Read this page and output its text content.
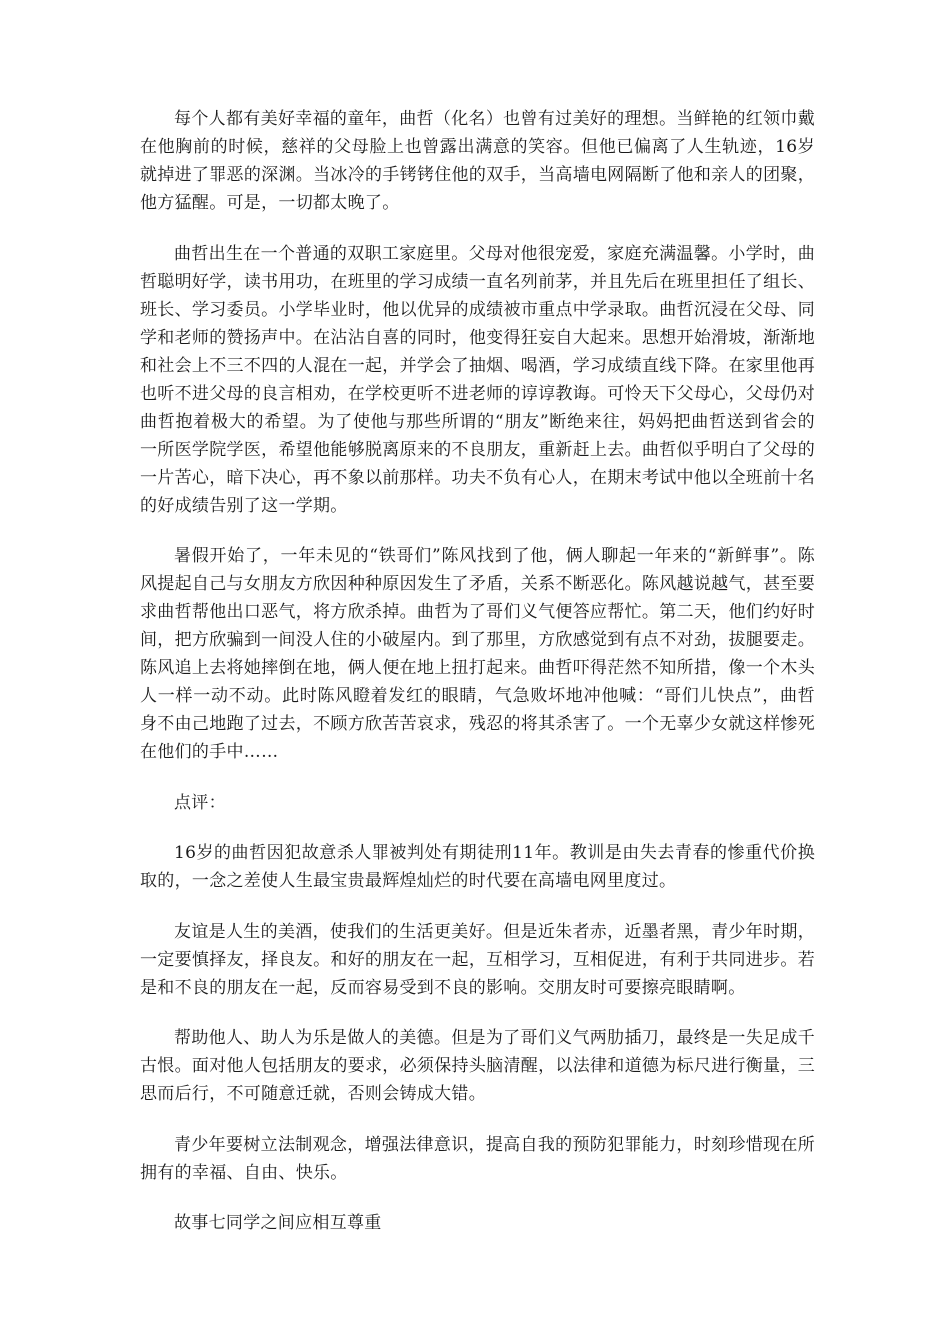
每个人都有美好幸福的童年，曲哲（化名）也曾有过美好的理想。当鲜艳的红领巾戴在他胸前的时候，慈祥的父母脸上也曾露出满意的笑容。但他已偏离了人生轨迹，16岁就掉进了罪恶的深渊。当冰冷的手铐铐住他的双手，当高墙电网隔断了他和亲人的团聚，他方猛醒。可是，一切都太晚了。

曲哲出生在一个普通的双职工家庭里。父母对他很宠爱，家庭充满温馨。小学时，曲哲聪明好学，读书用功，在班里的学习成绩一直名列前茅，并且先后在班里担任了组长、班长、学习委员。小学毕业时，他以优异的成绩被市重点中学录取。曲哲沉浸在父母、同学和老师的赞扬声中。在沾沾自喜的同时，他变得狂妄自大起来。思想开始滑坡，渐渐地和社会上不三不四的人混在一起，并学会了抽烟、喝酒，学习成绩直线下降。在家里他再也听不进父母的良言相劝，在学校更听不进老师的谆谆教诲。可怜天下父母心，父母仍对曲哲抱着极大的希望。为了使他与那些所谓的“朋友”断绝来往，妈妈把曲哲送到省会的一所医学院学医，希望他能够脱离原来的不良朋友，重新赶上去。曲哲似乎明白了父母的一片苦心，暗下决心，再不象以前那样。功夫不负有心人，在期末考试中他以全班前十名的好成绩告别了这一学期。

暑假开始了，一年未见的“铁哥们”陈风找到了他，俩人聊起一年来的“新鲜事”。陈风提起自己与女朋友方欣因种种原因发生了矛盾，关系不断恶化。陈风越说越气，甚至要求曲哲帮他出口恶气，将方欣杀掉。曲哲为了哥们义气便答应帮忙。第二天，他们约好时间，把方欣骗到一间没人住的小破屋内。到了那里，方欣感觉到有点不对劲，拔腿要走。陈风追上去将她摔倒在地，俩人便在地上扭打起来。曲哲吓得茫然不知所措，像一个木头人一样一动不动。此时陈风瞪着发红的眼睛，气急败坏地冲他喊：“哥们儿快点”，曲哲身不由己地跑了过去，不顾方欣苦苦哀求，残忍的将其杀害了。一个无辜少女就这样惨死在他们的手中……

点评：

16岁的曲哲因犯故意杀人罪被判处有期徒刑11年。教训是由失去青春的惨重代价换取的，一念之差使人生最宝贵最辉煌灿烂的时代要在高墙电网里度过。

友谊是人生的美酒，使我们的生活更美好。但是近朱者赤，近墨者黑，青少年时期，一定要慎择友，择良友。和好的朋友在一起，互相学习，互相促进，有利于共同进步。若是和不良的朋友在一起，反而容易受到不良的影响。交朋友时可要擦亮眼睛啊。

帮助他人、助人为乐是做人的美德。但是为了哥们义气两肋插刀，最终是一失足成千古恨。面对他人包括朋友的要求，必须保持头脑清醒，以法律和道德为标尺进行衡量，三思而后行，不可随意迁就，否则会铸成大错。

青少年要树立法制观念，增强法律意识，提高自我的预防犯罪能力，时刻珍惜现在所拥有的幸福、自由、快乐。

故事七同学之间应相互尊重
